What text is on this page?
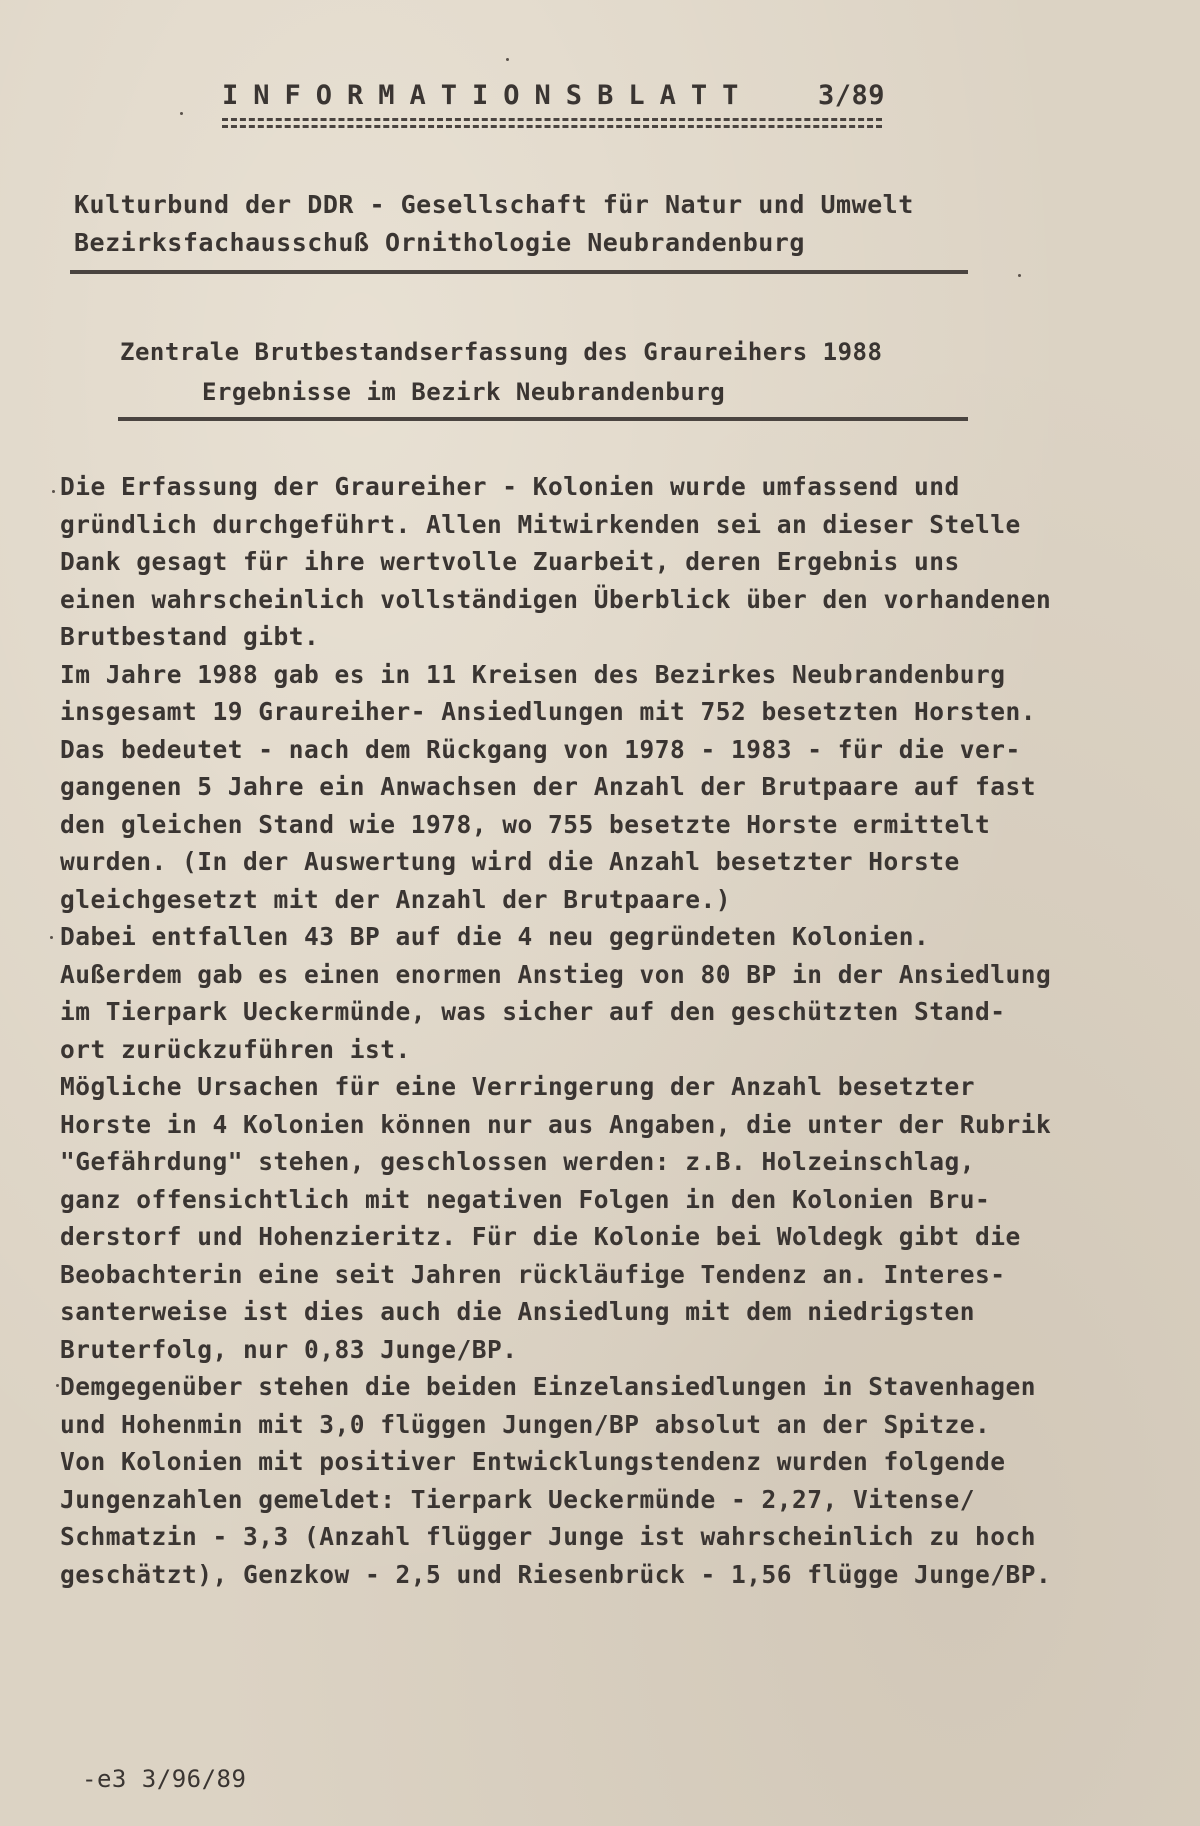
INFORMATIONSBLATT 3/89
Kulturbund der DDR - Gesellschaft für Natur und Umwelt
Bezirksfachausschuß Ornithologie Neubrandenburg
Zentrale Brutbestandserfassung des Graureihers 1988
Ergebnisse im Bezirk Neubrandenburg
Die Erfassung der Graureiher - Kolonien wurde umfassend und
gründlich durchgeführt. Allen Mitwirkenden sei an dieser Stelle
Dank gesagt für ihre wertvolle Zuarbeit, deren Ergebnis uns
einen wahrscheinlich vollständigen Überblick über den vorhandenen
Brutbestand gibt.
Im Jahre 1988 gab es in 11 Kreisen des Bezirkes Neubrandenburg
insgesamt 19 Graureiher- Ansiedlungen mit 752 besetzten Horsten.
Das bedeutet - nach dem Rückgang von 1978 - 1983 - für die ver-
gangenen 5 Jahre ein Anwachsen der Anzahl der Brutpaare auf fast
den gleichen Stand wie 1978, wo 755 besetzte Horste ermittelt
wurden. (In der Auswertung wird die Anzahl besetzter Horste
gleichgesetzt mit der Anzahl der Brutpaare.)
Dabei entfallen 43 BP auf die 4 neu gegründeten Kolonien.
Außerdem gab es einen enormen Anstieg von 80 BP in der Ansiedlung
im Tierpark Ueckermünde, was sicher auf den geschützten Stand-
ort zurückzuführen ist.
Mögliche Ursachen für eine Verringerung der Anzahl besetzter
Horste in 4 Kolonien können nur aus Angaben, die unter der Rubrik
"Gefährdung" stehen, geschlossen werden: z.B. Holzeinschlag,
ganz offensichtlich mit negativen Folgen in den Kolonien Bru-
derstorf und Hohenzieritz. Für die Kolonie bei Woldegk gibt die
Beobachterin eine seit Jahren rückläufige Tendenz an. Interes-
santerweise ist dies auch die Ansiedlung mit dem niedrigsten
Bruterfolg, nur 0,83 Junge/BP.
Demgegenüber stehen die beiden Einzelansiedlungen in Stavenhagen
und Hohenmin mit 3,0 flüggen Jungen/BP absolut an der Spitze.
Von Kolonien mit positiver Entwicklungstendenz wurden folgende
Jungenzahlen gemeldet: Tierpark Ueckermünde - 2,27, Vitense/
Schmatzin - 3,3 (Anzahl flügger Junge ist wahrscheinlich zu hoch
geschätzt), Genzkow - 2,5 und Riesenbrück - 1,56 flügge Junge/BP.
-e3 3/96/89
